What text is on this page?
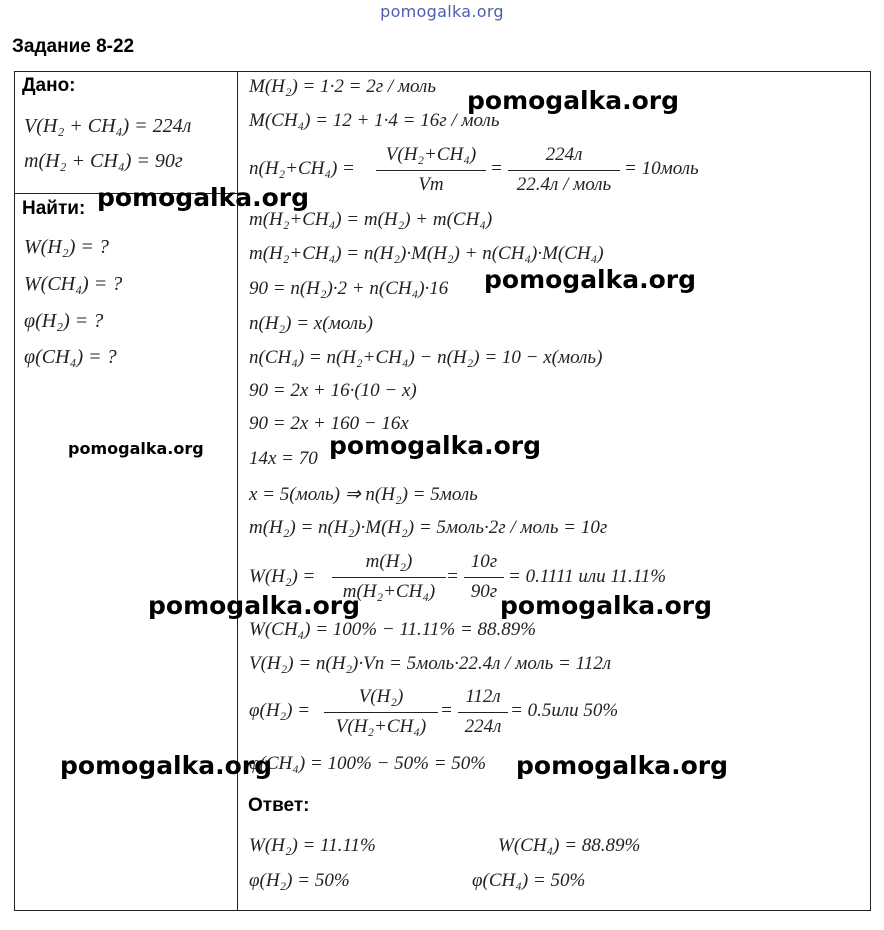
pomogalka.org
Задание 8-22
Дано:
V(H₂ + CH₄) = 224л
m(H₂ + CH₄) = 90г
Найти:
W(H₂) = ?
W(CH₄) = ?
φ(H₂) = ?
φ(CH₄) = ?
M(H₂) = 1·2 = 2г / моль
M(CH₄) = 12 + 1·4 = 16г / моль
n(H₂+CH₄) =
V(H₂+CH₄)
Vm
=
224л
22.4л / моль
= 10моль
m(H₂+CH₄) = m(H₂) + m(CH₄)
m(H₂+CH₄) = n(H₂)·M(H₂) + n(CH₄)·M(CH₄)
90 = n(H₂)·2 + n(CH₄)·16
n(H₂) = x(моль)
n(CH₄) = n(H₂+CH₄) − n(H₂) = 10 − x(моль)
90 = 2x + 16·(10 − x)
90 = 2x + 160 − 16x
14x = 70
x = 5(моль) ⇒ n(H₂) = 5моль
m(H₂) = n(H₂)·M(H₂) = 5моль·2г / моль = 10г
W(H₂) =
m(H₂)
m(H₂+CH₄)
=
10г
90г
= 0.1111 или 11.11%
W(CH₄) = 100% − 11.11% = 88.89%
V(H₂) = n(H₂)·Vn = 5моль·22.4л / моль = 112л
φ(H₂) =
V(H₂)
V(H₂+CH₄)
=
112л
224л
= 0.5или 50%
φ(CH₄) = 100% − 50% = 50%
Ответ:
W(H₂) = 11.11%	W(CH₄) = 88.89%
φ(H₂) = 50%	φ(CH₄) = 50%
pomogalka.org
pomogalka.org
pomogalka.org
pomogalka.org	pomogalka.org
pomogalka.org	pomogalka.org
pomogalka.org	pomogalka.org
